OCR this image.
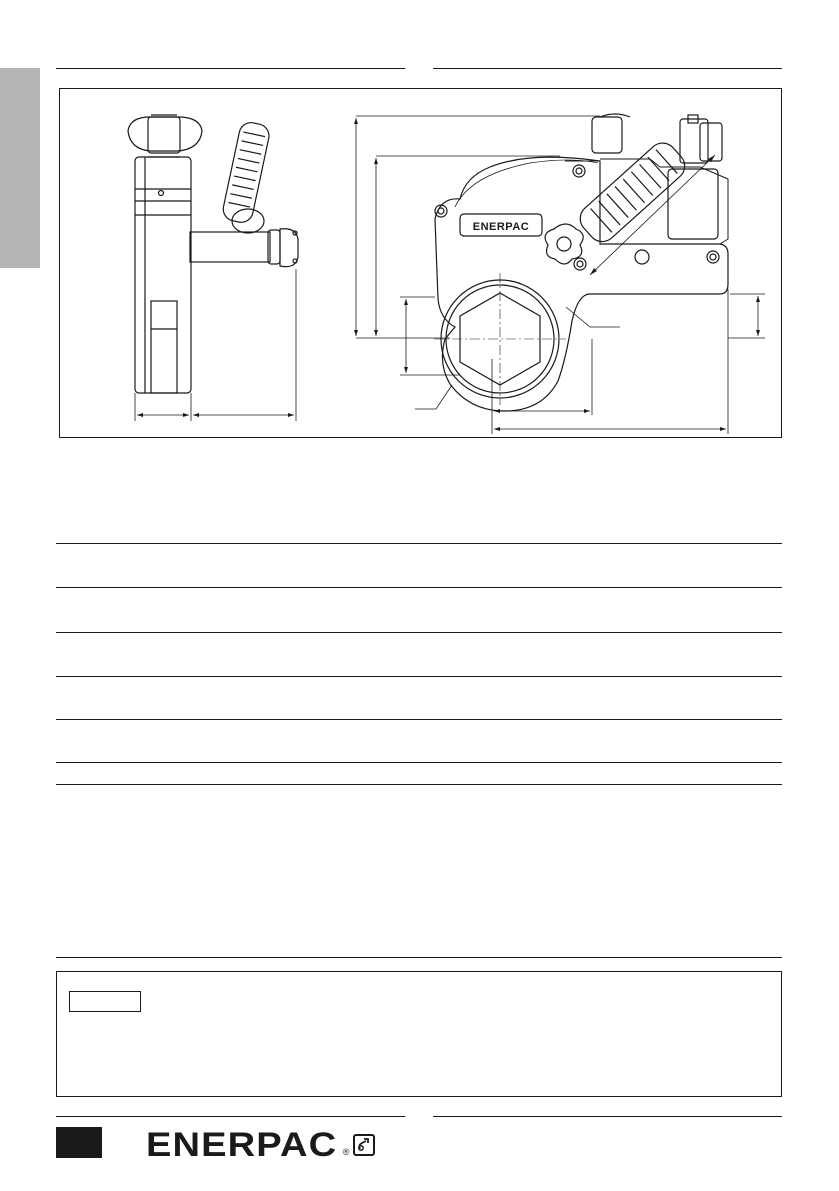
ENERPAC
ENERPAC ®
